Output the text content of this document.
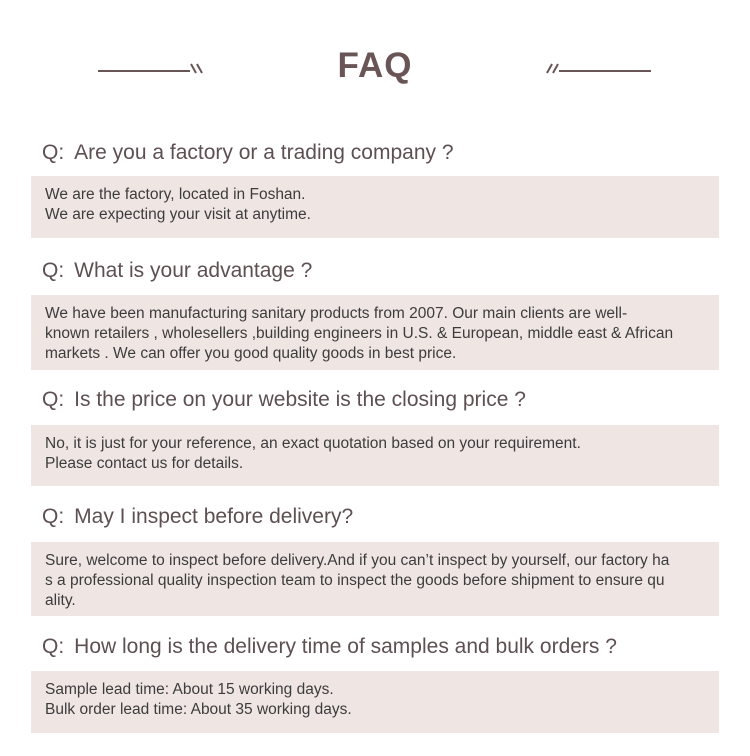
FAQ
Q: Are you a factory or a trading company ?
We are the factory, located in Foshan.
We are expecting your visit at anytime.
Q: What is your advantage ?
We have been manufacturing sanitary products from 2007. Our main clients are well-
known retailers , wholesellers ,building engineers in U.S. & European, middle east & African
markets . We can offer you good quality goods in best price.
Q: Is the price on your website is the closing price ?
No, it is just for your reference, an exact quotation based on your requirement.
Please contact us for details.
Q: May I inspect before delivery?
Sure, welcome to inspect before delivery.And if you can’t inspect by yourself, our factory ha
s a professional quality inspection team to inspect the goods before shipment to ensure qu
ality.
Q: How long is the delivery time of samples and bulk orders ?
Sample lead time: About 15 working days.
Bulk order lead time: About 35 working days.
